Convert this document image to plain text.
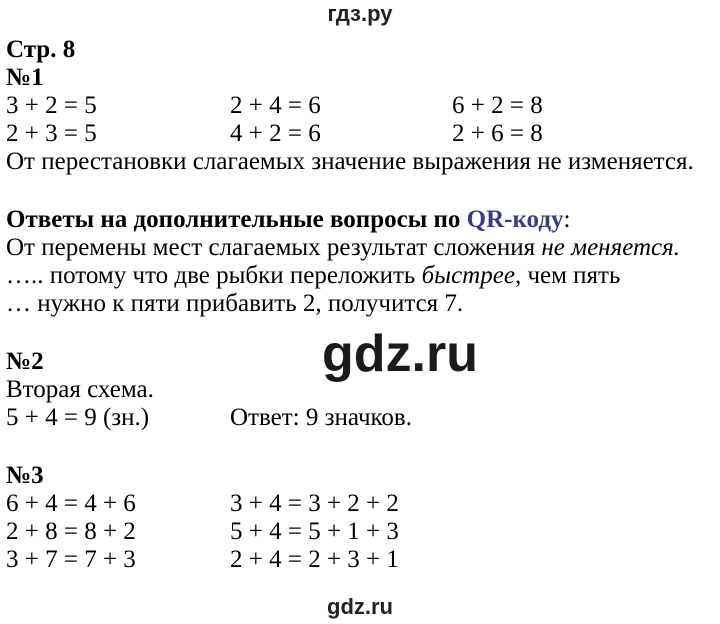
гдз.ру
Стр. 8
№1
3 + 2 = 5	2 + 4 = 6	6 + 2 = 8
2 + 3 = 5	4 + 2 = 6	2 + 6 = 8
От перестановки слагаемых значение выражения не изменяется.
Ответы на дополнительные вопросы по QR-коду:
От перемены мест слагаемых результат сложения не меняется.
….. потому что две рыбки переложить быстрее, чем пять
… нужно к пяти прибавить 2, получится 7.
gdz.ru
№2
Вторая схема.
5 + 4 = 9 (зн.)	Ответ: 9 значков.
№3
6 + 4 = 4 + 6	3 + 4 = 3 + 2 + 2
2 + 8 = 8 + 2	5 + 4 = 5 + 1 + 3
3 + 7 = 7 + 3	2 + 4 = 2 + 3 + 1
gdz.ru
